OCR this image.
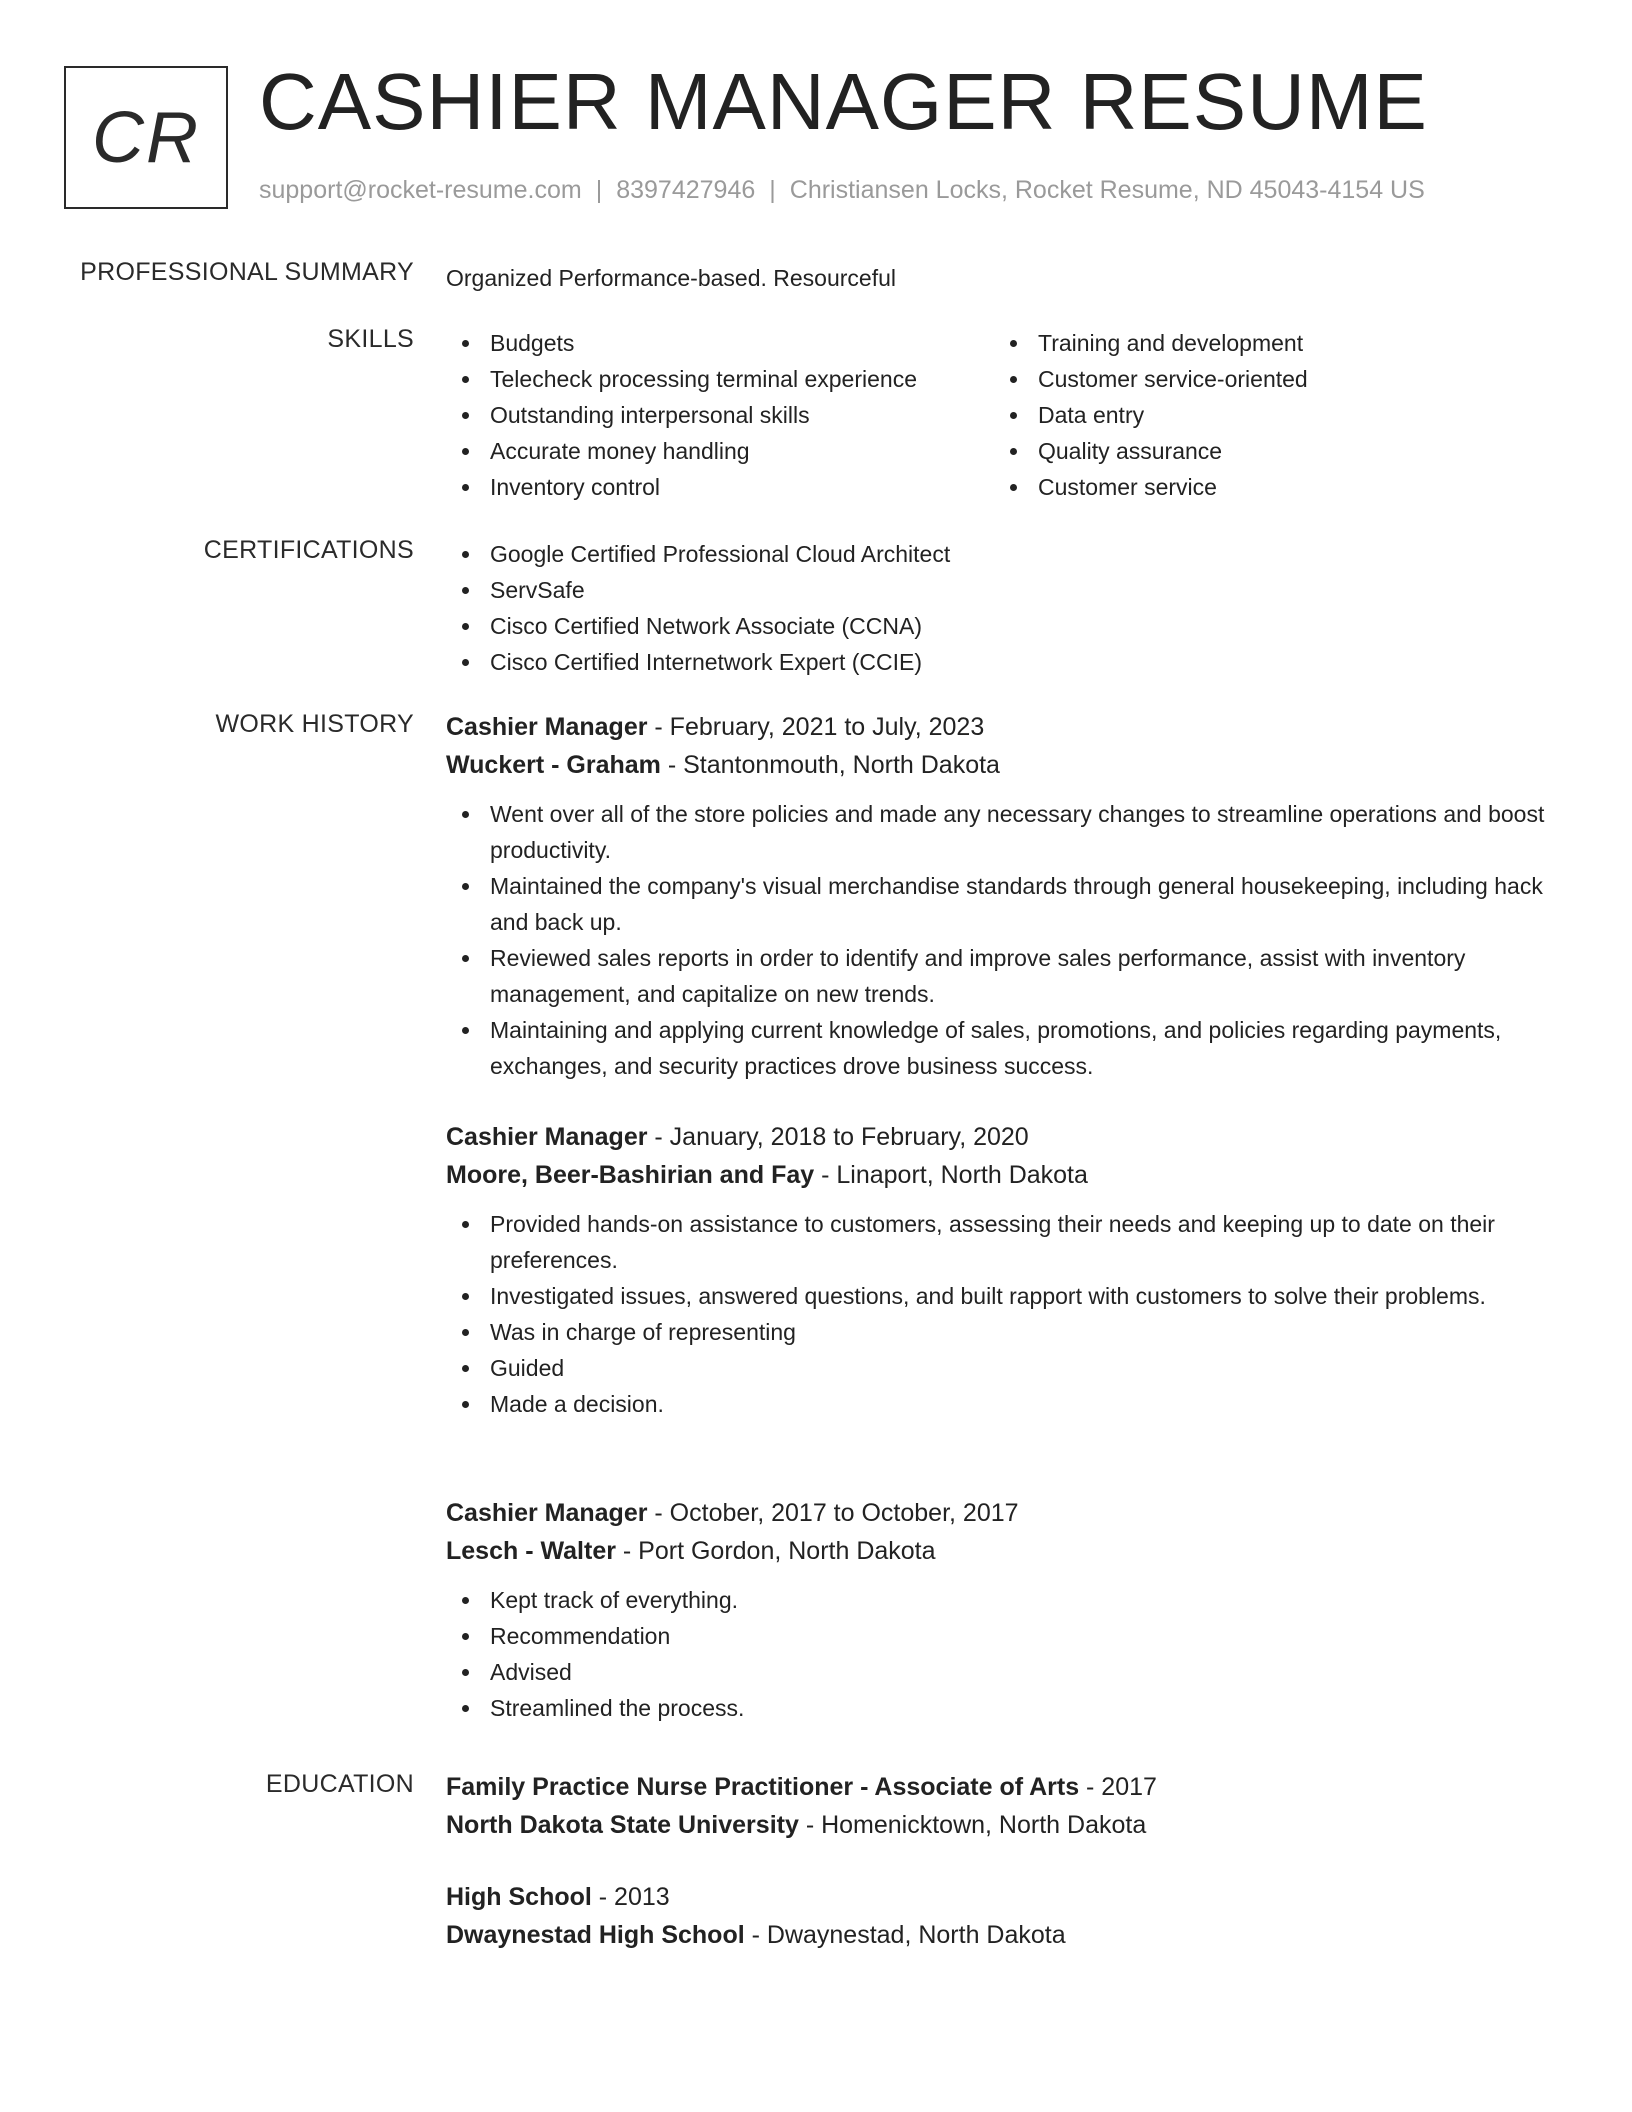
CR CASHIER MANAGER RESUME
support@rocket-resume.com | 8397427946 | Christiansen Locks, Rocket Resume, ND 45043-4154 US
PROFESSIONAL SUMMARY Organized Performance-based. Resourceful
SKILLS	Budgets
Telecheck processing terminal experience
Outstanding interpersonal skills
Accurate money handling
Inventory control
Training and development
Customer service-oriented
Data entry
Quality assurance
Customer service
CERTIFICATIONS	Google Certified Professional Cloud Architect
ServSafe
Cisco Certified Network Associate (CCNA)
Cisco Certified Internetwork Expert (CCIE)
WORK HISTORY Cashier Manager - February, 2021 to July, 2023
Wuckert - Graham - Stantonmouth, North Dakota
Went over all of the store policies and made any necessary changes to streamline operations and boost productivity.
Maintained the company's visual merchandise standards through general housekeeping, including hack and back up.
Reviewed sales reports in order to identify and improve sales performance, assist with inventory management, and capitalize on new trends.
Maintaining and applying current knowledge of sales, promotions, and policies regarding payments, exchanges, and security practices drove business success.
Cashier Manager - January, 2018 to February, 2020
Moore, Beer-Bashirian and Fay - Linaport, North Dakota
Provided hands-on assistance to customers, assessing their needs and keeping up to date on their preferences.
Investigated issues, answered questions, and built rapport with customers to solve their problems.
Was in charge of representing
Guided
Made a decision.
Cashier Manager - October, 2017 to October, 2017
Lesch - Walter - Port Gordon, North Dakota
Kept track of everything.
Recommendation
Advised
Streamlined the process.
EDUCATION Family Practice Nurse Practitioner - Associate of Arts - 2017
North Dakota State University - Homenicktown, North Dakota
High School - 2013
Dwaynestad High School - Dwaynestad, North Dakota
